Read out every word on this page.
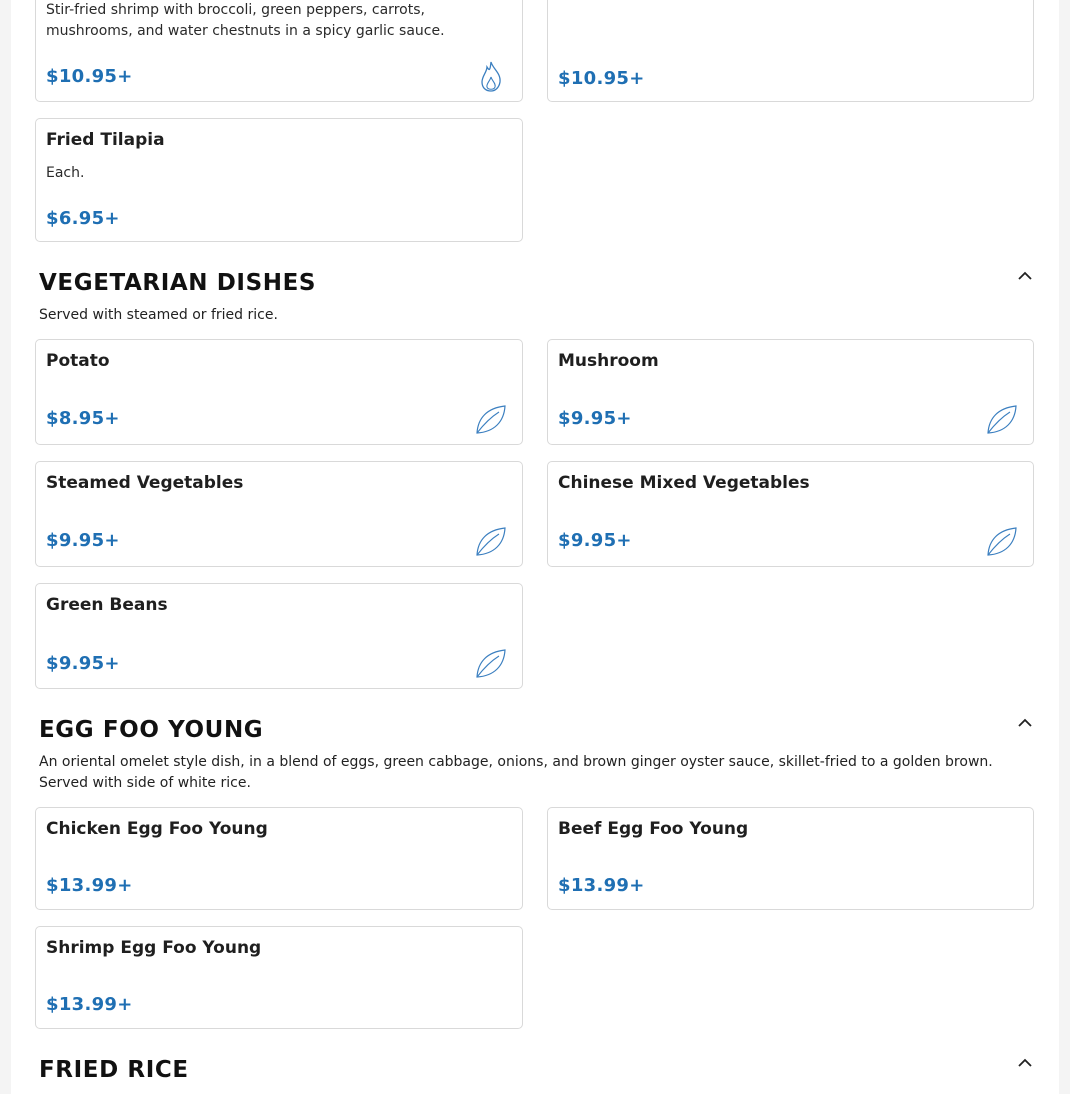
Stir-fried shrimp with broccoli, green peppers, carrots, mushrooms, and water chestnuts in a spicy garlic sauce.
$10.95+	$10.95+
Fried Tilapia
Each.
$6.95+
VEGETARIAN DISHES
Served with steamed or fried rice.
Potato
$8.95+
Mushroom
$9.95+
Steamed Vegetables
$9.95+
Chinese Mixed Vegetables
$9.95+
Green Beans
$9.95+
EGG FOO YOUNG
An oriental omelet style dish, in a blend of eggs, green cabbage, onions, and brown ginger oyster sauce, skillet-fried to a golden brown. Served with side of white rice.
Chicken Egg Foo Young
$13.99+
Beef Egg Foo Young
$13.99+
Shrimp Egg Foo Young
$13.99+
FRIED RICE
